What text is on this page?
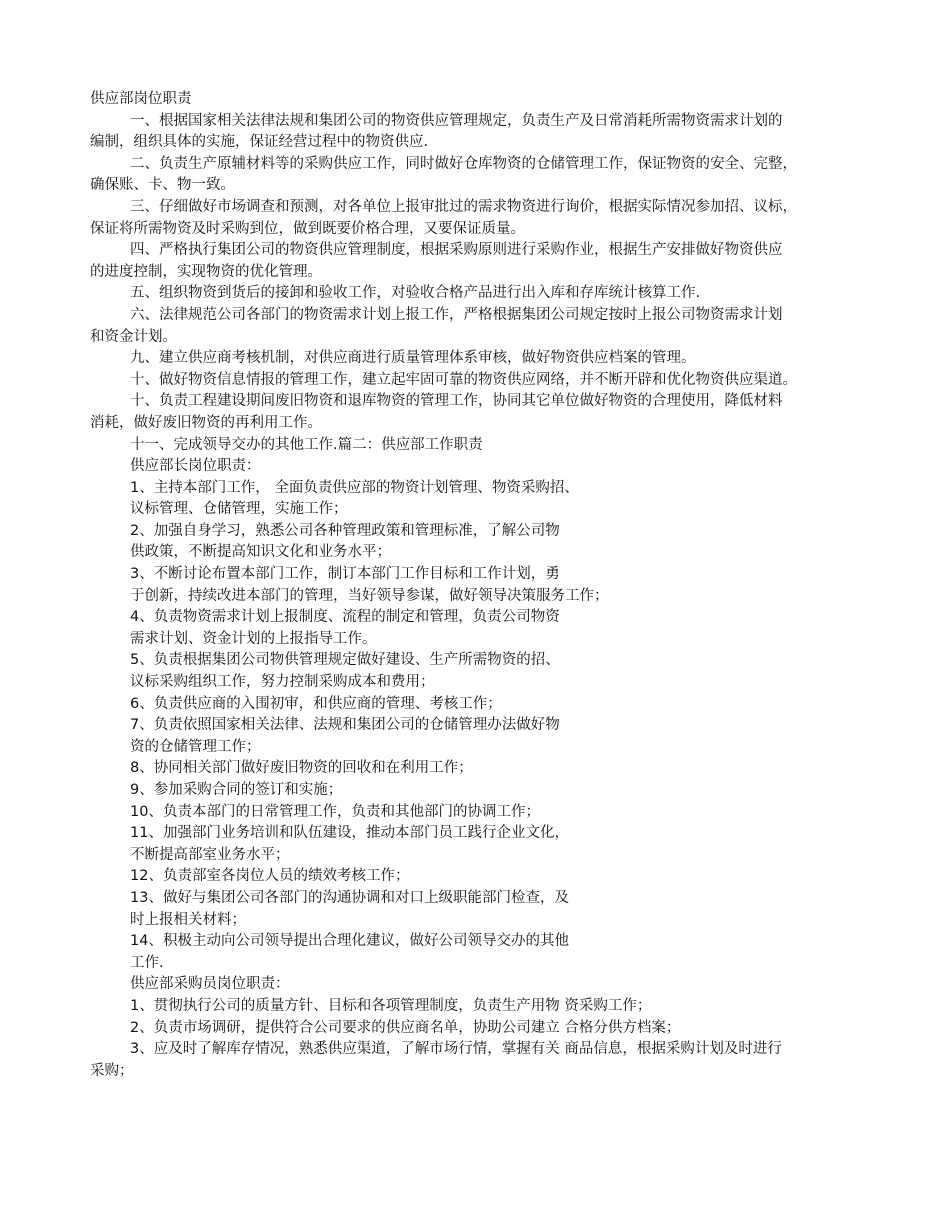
供应部岗位职责

一、根据国家相关法律法规和集团公司的物资供应管理规定，负责生产及日常消耗所需物资需求计划的

编制，组织具体的实施，保证经营过程中的物资供应.

二、负责生产原辅材料等的采购供应工作，同时做好仓库物资的仓储管理工作，保证物资的安全、完整，

确保账、卡、物一致。

三、仔细做好市场调查和预测，对各单位上报审批过的需求物资进行询价，根据实际情况参加招、议标，

保证将所需物资及时采购到位，做到既要价格合理，又要保证质量。

四、严格执行集团公司的物资供应管理制度，根据采购原则进行采购作业，根据生产安排做好物资供应

的进度控制，实现物资的优化管理。

五、组织物资到货后的接卸和验收工作，对验收合格产品进行出入库和存库统计核算工作.

六、法律规范公司各部门的物资需求计划上报工作，严格根据集团公司规定按时上报公司物资需求计划

和资金计划。

九、建立供应商考核机制，对供应商进行质量管理体系审核，做好物资供应档案的管理。

十、做好物资信息情报的管理工作，建立起牢固可靠的物资供应网络，并不断开辟和优化物资供应渠道。

十、负责工程建设期间废旧物资和退库物资的管理工作，协同其它单位做好物资的合理使用，降低材料

消耗，做好废旧物资的再利用工作。

十一、完成领导交办的其他工作.篇二：供应部工作职责

供应部长岗位职责：

1、主持本部门工作， 全面负责供应部的物资计划管理、物资采购招、

议标管理、仓储管理，实施工作；

2、加强自身学习，熟悉公司各种管理政策和管理标准，了解公司物

供政策，不断提高知识文化和业务水平；

3、不断讨论布置本部门工作，制订本部门工作目标和工作计划，勇

于创新，持续改进本部门的管理，当好领导参谋，做好领导决策服务工作；

4、负责物资需求计划上报制度、流程的制定和管理，负责公司物资

需求计划、资金计划的上报指导工作。

5、负责根据集团公司物供管理规定做好建设、生产所需物资的招、

议标采购组织工作，努力控制采购成本和费用；

6、负责供应商的入围初审，和供应商的管理、考核工作；

7、负责依照国家相关法律、法规和集团公司的仓储管理办法做好物

资的仓储管理工作；

8、协同相关部门做好废旧物资的回收和在利用工作；

9、参加采购合同的签订和实施；

10、负责本部门的日常管理工作，负责和其他部门的协调工作；

11、加强部门业务培训和队伍建设，推动本部门员工践行企业文化，

不断提高部室业务水平；

12、负责部室各岗位人员的绩效考核工作；

13、做好与集团公司各部门的沟通协调和对口上级职能部门检查，及

时上报相关材料；

14、积极主动向公司领导提出合理化建议，做好公司领导交办的其他

工作.

供应部采购员岗位职责：

1、贯彻执行公司的质量方针、目标和各项管理制度，负责生产用物 资采购工作；

2、负责市场调研，提供符合公司要求的供应商名单，协助公司建立 合格分供方档案；

3、应及时了解库存情况，熟悉供应渠道，了解市场行情，掌握有关 商品信息，根据采购计划及时进行

采购；
